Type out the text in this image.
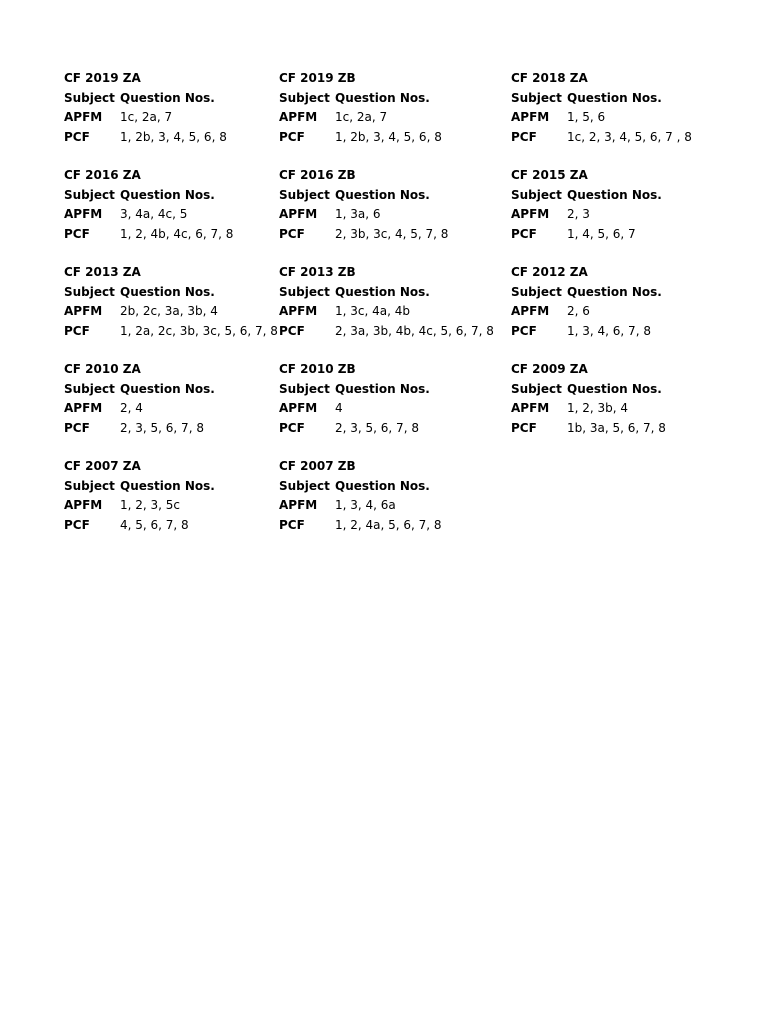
CF 2019 ZA
Subject Question Nos.
APFM	1c, 2a, 7
PCF	1, 2b, 3, 4, 5, 6, 8
CF 2019 ZB
Subject Question Nos.
APFM	1c, 2a, 7
PCF	1, 2b, 3, 4, 5, 6, 8
CF 2018 ZA
Subject Question Nos.
APFM	1, 5, 6
PCF	1c, 2, 3, 4, 5, 6, 7 , 8
CF 2016 ZA
Subject Question Nos.
APFM	3, 4a, 4c, 5
PCF	1, 2, 4b, 4c, 6, 7, 8
CF 2016 ZB
Subject Question Nos.
APFM	1, 3a, 6
PCF	2, 3b, 3c, 4, 5, 7, 8
CF 2015 ZA
Subject Question Nos.
APFM	2, 3
PCF	1, 4, 5, 6, 7
CF 2013 ZA
Subject Question Nos.
APFM	2b, 2c, 3a, 3b, 4
PCF	1, 2a, 2c, 3b, 3c, 5, 6, 7, 8
CF 2013 ZB
Subject Question Nos.
APFM	1, 3c, 4a, 4b
PCF	2, 3a, 3b, 4b, 4c, 5, 6, 7, 8
CF 2012 ZA
Subject Question Nos.
APFM	2, 6
PCF	1, 3, 4, 6, 7, 8
CF 2010 ZA
Subject Question Nos.
APFM	2, 4
PCF	2, 3, 5, 6, 7, 8
CF 2010 ZB
Subject Question Nos.
APFM	4
PCF	2, 3, 5, 6, 7, 8
CF 2009 ZA
Subject Question Nos.
APFM	1, 2, 3b, 4
PCF	1b, 3a, 5, 6, 7, 8
CF 2007 ZA
Subject Question Nos.
APFM	1, 2, 3, 5c
PCF	4, 5, 6, 7, 8
CF 2007 ZB
Subject Question Nos.
APFM	1, 3, 4, 6a
PCF	1, 2, 4a, 5, 6, 7, 8
